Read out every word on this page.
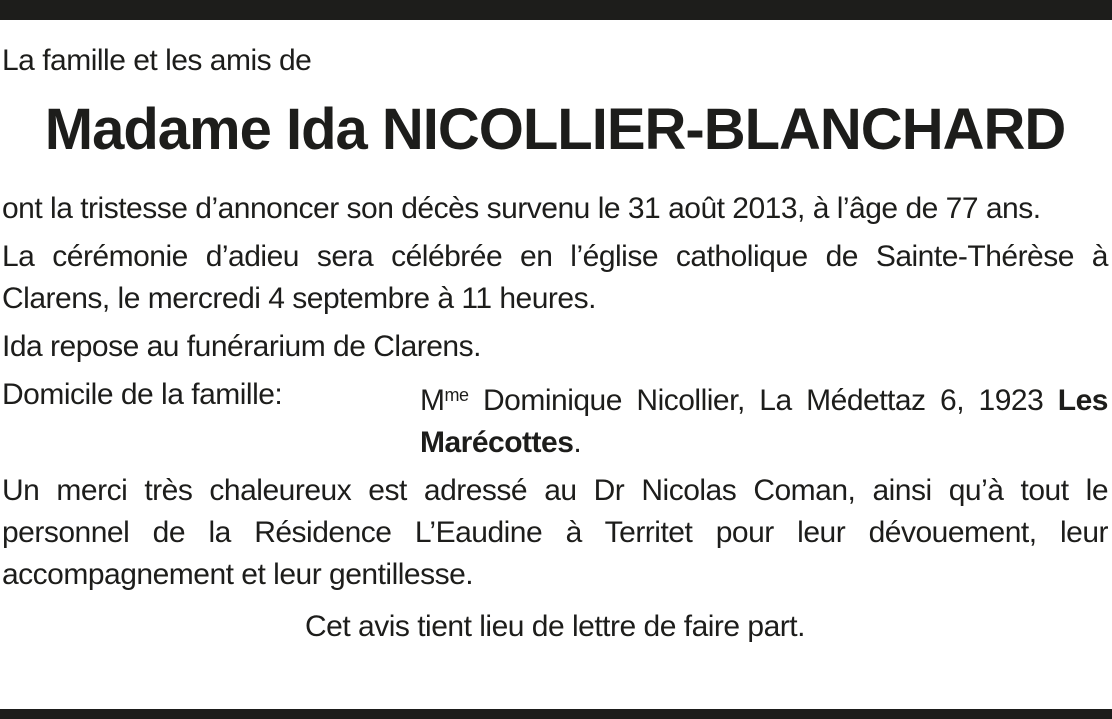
La famille et les amis de

Madame Ida NICOLLIER-BLANCHARD

ont la tristesse d’annoncer son décès survenu le 31 août 2013, à l’âge de 77 ans.

La cérémonie d’adieu sera célébrée en l’église catholique de Sainte-Thérèse à Clarens, le mercredi 4 septembre à 11 heures.

Ida repose au funérarium de Clarens.

Domicile de la famille:	$M^{me}$ Dominique Nicollier, La Médettaz 6, 1923 Les Marécottes.

Un merci très chaleureux est adressé au Dr Nicolas Coman, ainsi qu’à tout le personnel de la Résidence L’Eaudine à Territet pour leur dévouement, leur accompagnement et leur gentillesse.

Cet avis tient lieu de lettre de faire part.
